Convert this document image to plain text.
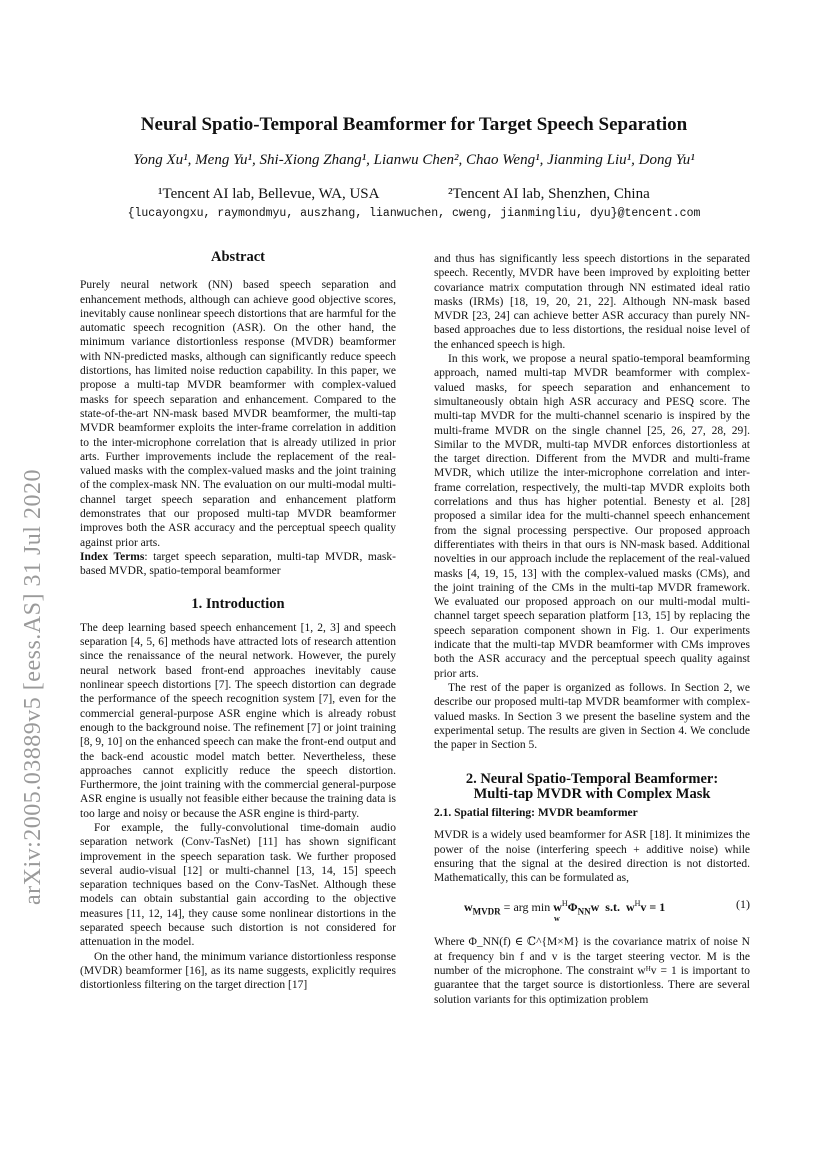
arXiv:2005.03889v5 [eess.AS] 31 Jul 2020
Neural Spatio-Temporal Beamformer for Target Speech Separation
Yong Xu¹, Meng Yu¹, Shi-Xiong Zhang¹, Lianwu Chen², Chao Weng¹, Jianming Liu¹, Dong Yu¹
¹Tencent AI lab, Bellevue, WA, USA	²Tencent AI lab, Shenzhen, China
{lucayongxu, raymondmyu, auszhang, lianwuchen, cweng, jianmingliu, dyu}@tencent.com
Abstract

Purely neural network (NN) based speech separation and enhancement methods, although can achieve good objective scores, inevitably cause nonlinear speech distortions that are harmful for the automatic speech recognition (ASR). On the other hand, the minimum variance distortionless response (MVDR) beamformer with NN-predicted masks, although can significantly reduce speech distortions, has limited noise reduction capability. In this paper, we propose a multi-tap MVDR beamformer with complex-valued masks for speech separation and enhancement. Compared to the state-of-the-art NN-mask based MVDR beamformer, the multi-tap MVDR beamformer exploits the inter-frame correlation in addition to the inter-microphone correlation that is already utilized in prior arts. Further improvements include the replacement of the real-valued masks with the complex-valued masks and the joint training of the complex-mask NN. The evaluation on our multi-modal multi-channel target speech separation and enhancement platform demonstrates that our proposed multi-tap MVDR beamformer improves both the ASR accuracy and the perceptual speech quality against prior arts.

Index Terms: target speech separation, multi-tap MVDR, mask-based MVDR, spatio-temporal beamformer

1. Introduction

The deep learning based speech enhancement [1, 2, 3] and speech separation [4, 5, 6] methods have attracted lots of research attention since the renaissance of the neural network. However, the purely neural network based front-end approaches inevitably cause nonlinear speech distortions [7]. The speech distortion can degrade the performance of the speech recognition system [7], even for the commercial general-purpose ASR engine which is already robust enough to the background noise. The refinement [7] or joint training [8, 9, 10] on the enhanced speech can make the front-end output and the back-end acoustic model match better. Nevertheless, these approaches cannot explicitly reduce the speech distortion. Furthermore, the joint training with the commercial general-purpose ASR engine is usually not feasible either because the training data is too large and noisy or because the ASR engine is third-party.

For example, the fully-convolutional time-domain audio separation network (Conv-TasNet) [11] has shown significant improvement in the speech separation task. We further proposed several audio-visual [12] or multi-channel [13, 14, 15] speech separation techniques based on the Conv-TasNet. Although these models can obtain substantial gain according to the objective measures [11, 12, 14], they cause some nonlinear distortions in the separated speech because such distortion is not considered for attenuation in the model.

On the other hand, the minimum variance distortionless response (MVDR) beamformer [16], as its name suggests, explicitly requires distortionless filtering on the target direction [17]

and thus has significantly less speech distortions in the separated speech. Recently, MVDR have been improved by exploiting better covariance matrix computation through NN estimated ideal ratio masks (IRMs) [18, 19, 20, 21, 22]. Although NN-mask based MVDR [23, 24] can achieve better ASR accuracy than purely NN-based approaches due to less distortions, the residual noise level of the enhanced speech is high.

In this work, we propose a neural spatio-temporal beamforming approach, named multi-tap MVDR beamformer with complex-valued masks, for speech separation and enhancement to simultaneously obtain high ASR accuracy and PESQ score. The multi-tap MVDR for the multi-channel scenario is inspired by the multi-frame MVDR on the single channel [25, 26, 27, 28, 29]. Similar to the MVDR, multi-tap MVDR enforces distortionless at the target direction. Different from the MVDR and multi-frame MVDR, which utilize the inter-microphone correlation and inter-frame correlation, respectively, the multi-tap MVDR exploits both correlations and thus has higher potential. Benesty et al. [28] proposed a similar idea for the multi-channel speech enhancement from the signal processing perspective. Our proposed approach differentiates with theirs in that ours is NN-mask based. Additional novelties in our approach include the replacement of the real-valued masks [4, 19, 15, 13] with the complex-valued masks (CMs), and the joint training of the CMs in the multi-tap MVDR framework. We evaluated our proposed approach on our multi-modal multi-channel target speech separation platform [13, 15] by replacing the speech separation component shown in Fig. 1. Our experiments indicate that the multi-tap MVDR beamformer with CMs improves both the ASR accuracy and the perceptual speech quality against prior arts.

The rest of the paper is organized as follows. In Section 2, we describe our proposed multi-tap MVDR beamformer with complex-valued masks. In Section 3 we present the baseline system and the experimental setup. The results are given in Section 4. We conclude the paper in Section 5.

2. Neural Spatio-Temporal Beamformer:
Multi-tap MVDR with Complex Mask
2.1. Spatial filtering: MVDR beamformer

MVDR is a widely used beamformer for ASR [18]. It minimizes the power of the noise (interfering speech + additive noise) while ensuring that the signal at the desired direction is not distorted. Mathematically, this can be formulated as,

$w_{MVDR}$ = arg $\min w^H\Phi_{NN}w$ s.t. $w^Hv = 1$
w
(1)

Where Φ_NN(f) ∈ ℂ^{M×M} is the covariance matrix of noise N at frequency bin f and v is the target steering vector. M is the number of the microphone. The constraint wᴴv = 1 is important to guarantee that the target source is distortionless. There are several solution variants for this optimization problem
